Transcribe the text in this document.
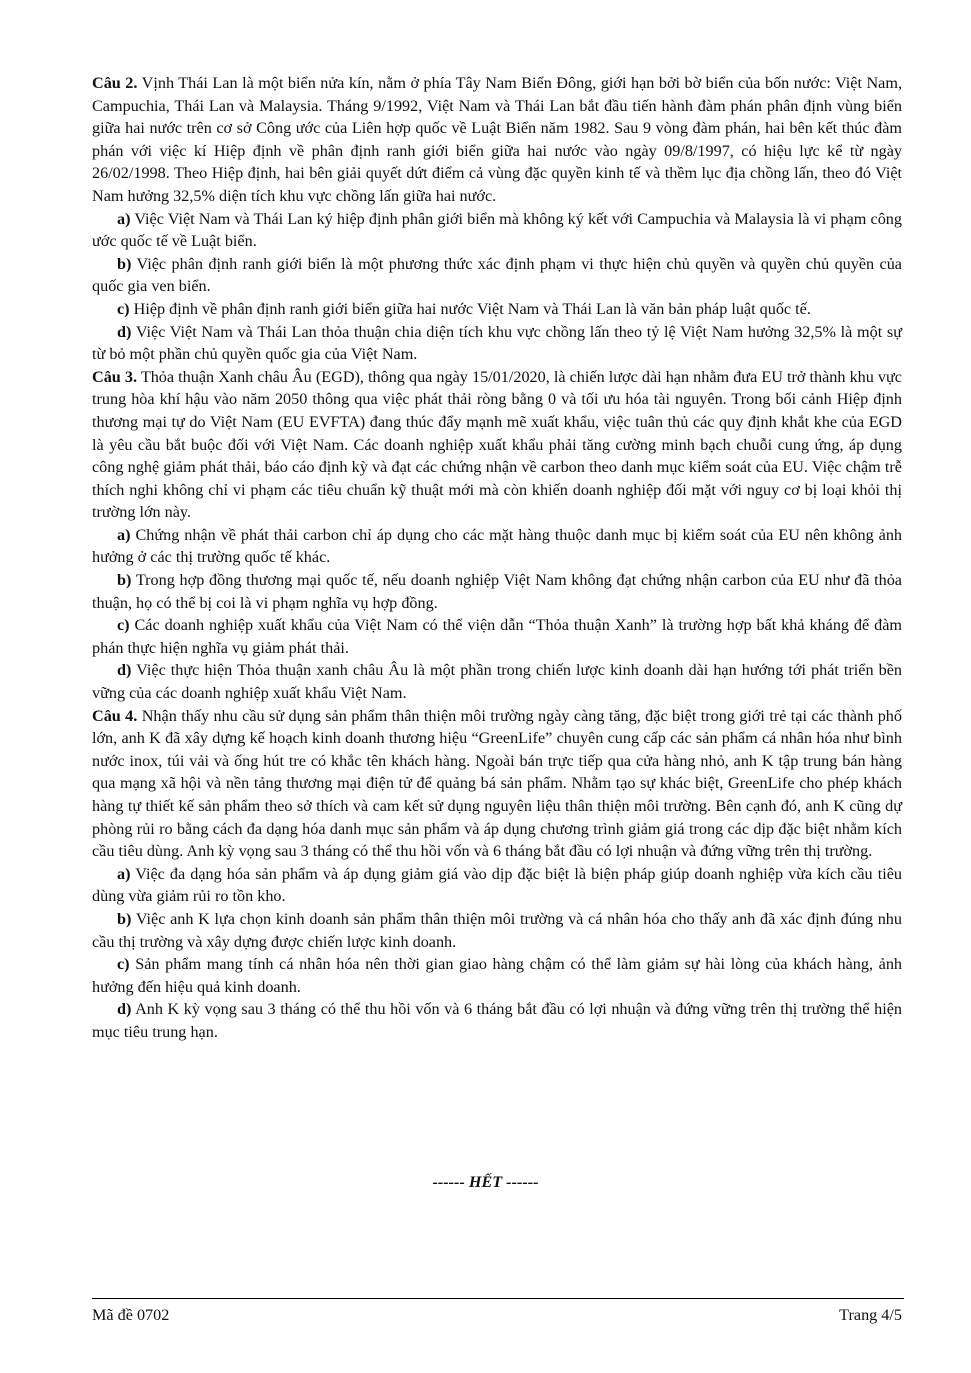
Câu 2. Vịnh Thái Lan là một biển nửa kín, nằm ở phía Tây Nam Biển Đông, giới hạn bởi bờ biển của bốn nước: Việt Nam, Campuchia, Thái Lan và Malaysia. Tháng 9/1992, Việt Nam và Thái Lan bắt đầu tiến hành đàm phán phân định vùng biển giữa hai nước trên cơ sở Công ước của Liên hợp quốc về Luật Biển năm 1982. Sau 9 vòng đàm phán, hai bên kết thúc đàm phán với việc kí Hiệp định về phân định ranh giới biển giữa hai nước vào ngày 09/8/1997, có hiệu lực kể từ ngày 26/02/1998. Theo Hiệp định, hai bên giải quyết dứt điểm cả vùng đặc quyền kinh tế và thềm lục địa chồng lấn, theo đó Việt Nam hưởng 32,5% diện tích khu vực chồng lấn giữa hai nước.

a) Việc Việt Nam và Thái Lan ký hiệp định phân giới biển mà không ký kết với Campuchia và Malaysia là vi phạm công ước quốc tế về Luật biển.

b) Việc phân định ranh giới biển là một phương thức xác định phạm vi thực hiện chủ quyền và quyền chủ quyền của quốc gia ven biển.

c) Hiệp định về phân định ranh giới biển giữa hai nước Việt Nam và Thái Lan là văn bản pháp luật quốc tế.

d) Việc Việt Nam và Thái Lan thỏa thuận chia diện tích khu vực chồng lấn theo tỷ lệ Việt Nam hưởng 32,5% là một sự từ bỏ một phần chủ quyền quốc gia của Việt Nam.

Câu 3. Thỏa thuận Xanh châu Âu (EGD), thông qua ngày 15/01/2020, là chiến lược dài hạn nhằm đưa EU trở thành khu vực trung hòa khí hậu vào năm 2050 thông qua việc phát thải ròng bằng 0 và tối ưu hóa tài nguyên. Trong bối cảnh Hiệp định thương mại tự do Việt Nam (EU EVFTA) đang thúc đẩy mạnh mẽ xuất khẩu, việc tuân thủ các quy định khắt khe của EGD là yêu cầu bắt buộc đối với Việt Nam. Các doanh nghiệp xuất khẩu phải tăng cường minh bạch chuỗi cung ứng, áp dụng công nghệ giảm phát thải, báo cáo định kỳ và đạt các chứng nhận về carbon theo danh mục kiểm soát của EU. Việc chậm trễ thích nghi không chỉ vi phạm các tiêu chuẩn kỹ thuật mới mà còn khiến doanh nghiệp đối mặt với nguy cơ bị loại khỏi thị trường lớn này.

a) Chứng nhận về phát thải carbon chỉ áp dụng cho các mặt hàng thuộc danh mục bị kiểm soát của EU nên không ảnh hưởng ở các thị trường quốc tế khác.

b) Trong hợp đồng thương mại quốc tế, nếu doanh nghiệp Việt Nam không đạt chứng nhận carbon của EU như đã thỏa thuận, họ có thể bị coi là vi phạm nghĩa vụ hợp đồng.

c) Các doanh nghiệp xuất khẩu của Việt Nam có thể viện dẫn “Thỏa thuận Xanh” là trường hợp bất khả kháng để đàm phán thực hiện nghĩa vụ giảm phát thải.

d) Việc thực hiện Thỏa thuận xanh châu Âu là một phần trong chiến lược kinh doanh dài hạn hướng tới phát triển bền vững của các doanh nghiệp xuất khẩu Việt Nam.

Câu 4. Nhận thấy nhu cầu sử dụng sản phẩm thân thiện môi trường ngày càng tăng, đặc biệt trong giới trẻ tại các thành phố lớn, anh K đã xây dựng kế hoạch kinh doanh thương hiệu “GreenLife” chuyên cung cấp các sản phẩm cá nhân hóa như bình nước inox, túi vải và ống hút tre có khắc tên khách hàng. Ngoài bán trực tiếp qua cửa hàng nhỏ, anh K tập trung bán hàng qua mạng xã hội và nền tảng thương mại điện tử để quảng bá sản phẩm. Nhằm tạo sự khác biệt, GreenLife cho phép khách hàng tự thiết kế sản phẩm theo sở thích và cam kết sử dụng nguyên liệu thân thiện môi trường. Bên cạnh đó, anh K cũng dự phòng rủi ro bằng cách đa dạng hóa danh mục sản phẩm và áp dụng chương trình giảm giá trong các dịp đặc biệt nhằm kích cầu tiêu dùng. Anh kỳ vọng sau 3 tháng có thể thu hồi vốn và 6 tháng bắt đầu có lợi nhuận và đứng vững trên thị trường.

a) Việc đa dạng hóa sản phẩm và áp dụng giảm giá vào dịp đặc biệt là biện pháp giúp doanh nghiệp vừa kích cầu tiêu dùng vừa giảm rủi ro tồn kho.

b) Việc anh K lựa chọn kinh doanh sản phẩm thân thiện môi trường và cá nhân hóa cho thấy anh đã xác định đúng nhu cầu thị trường và xây dựng được chiến lược kinh doanh.

c) Sản phẩm mang tính cá nhân hóa nên thời gian giao hàng chậm có thể làm giảm sự hài lòng của khách hàng, ảnh hưởng đến hiệu quả kinh doanh.

d) Anh K kỳ vọng sau 3 tháng có thể thu hồi vốn và 6 tháng bắt đầu có lợi nhuận và đứng vững trên thị trường thể hiện mục tiêu trung hạn.

------ HẾT ------
Mã đề 0702	Trang 4/5
